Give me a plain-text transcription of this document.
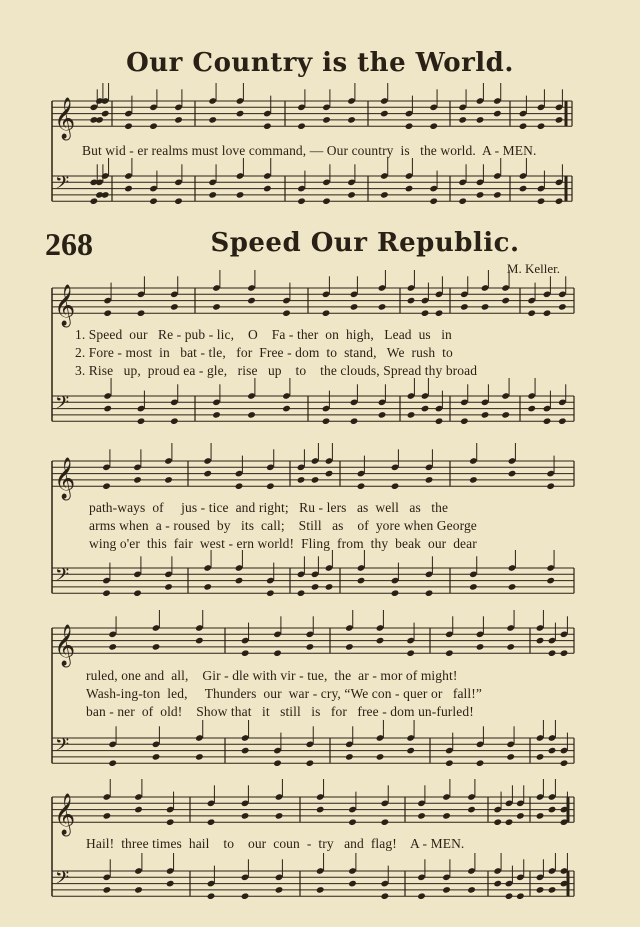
𝄞
𝄢
𝄞
𝄢
𝄞
𝄢
𝄞
𝄢
𝄞
𝄢
Our Country is the World.
But wid - er realms must love command, — Our country  is   the world.  A - MEN.
268	Speed Our Republic.
M. Keller.
1. Speed  our   Re - pub - lic,    O    Fa - ther  on  high,   Lead  us   in
2. Fore - most  in   bat - tle,   for  Free - dom  to  stand,   We  rush  to
3. Rise   up,  proud ea - gle,   rise   up    to    the clouds, Spread thy broad
path-ways  of     jus - tice  and right;   Ru - lers   as  well   as   the
arms when  a - roused  by   its  call;    Still   as    of  yore when George
wing o'er  this  fair  west - ern world!  Fling  from  thy  beak  our  dear
ruled, one and  all,    Gir - dle with vir - tue,  the  ar - mor of might!
Wash-ing-ton  led,     Thunders  our  war - cry, “We con - quer or   fall!”
ban - ner  of  old!    Show that   it   still   is   for   free - dom un-furled!
Hail!  three times  hail    to    our  coun  -  try   and  flag!    A - MEN.
